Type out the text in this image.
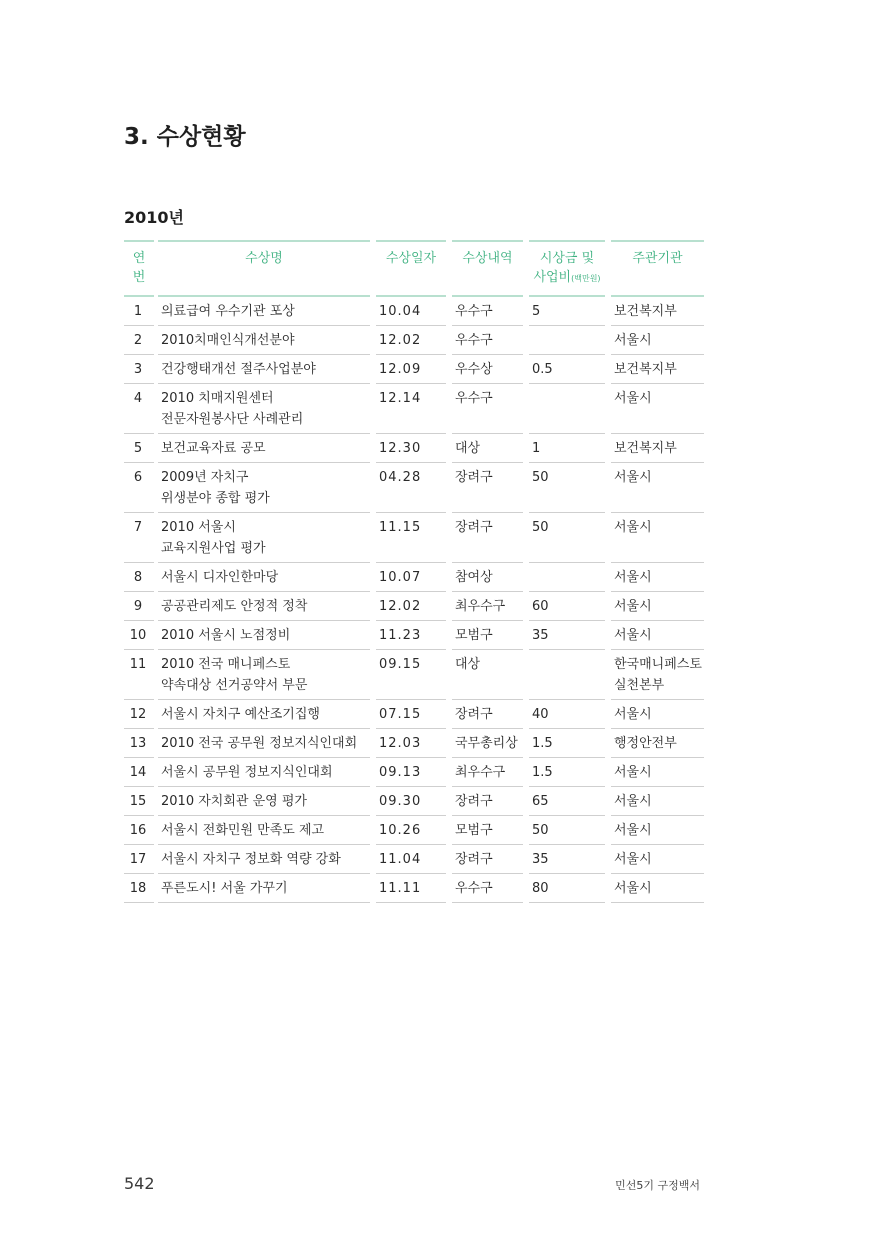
3. 수상현황
2010년
연번		수상명		수상일자		수상내역		시상금 및
사업비(백만원)		주관기관
1		의료급여 우수기관 포상		10.04		우수구		5		보건복지부
2		2010치매인식개선분야		12.02		우수구				서울시
3		건강행태개선 절주사업분야		12.09		우수상		0.5		보건복지부
4		2010 치매지원센터
전문자원봉사단 사례관리		12.14		우수구				서울시
5		보건교육자료 공모		12.30		대상		1		보건복지부
6		2009년 자치구
위생분야 종합 평가		04.28		장려구		50		서울시
7		2010 서울시
교육지원사업 평가		11.15		장려구		50		서울시
8		서울시 디자인한마당		10.07		참여상				서울시
9		공공관리제도 안정적 정착		12.02		최우수구		60		서울시
10		2010 서울시 노점정비		11.23		모범구		35		서울시
11		2010 전국 매니페스토
약속대상 선거공약서 부문		09.15		대상				한국매니페스토
실천본부
12		서울시 자치구 예산조기집행		07.15		장려구		40		서울시
13		2010 전국 공무원 정보지식인대회		12.03		국무총리상		1.5		행정안전부
14		서울시 공무원 정보지식인대회		09.13		최우수구		1.5		서울시
15		2010 자치회관 운영 평가		09.30		장려구		65		서울시
16		서울시 전화민원 만족도 제고		10.26		모범구		50		서울시
17		서울시 자치구 정보화 역량 강화		11.04		장려구		35		서울시
18		푸른도시! 서울 가꾸기		11.11		우수구		80		서울시
542	민선5기 구정백서
